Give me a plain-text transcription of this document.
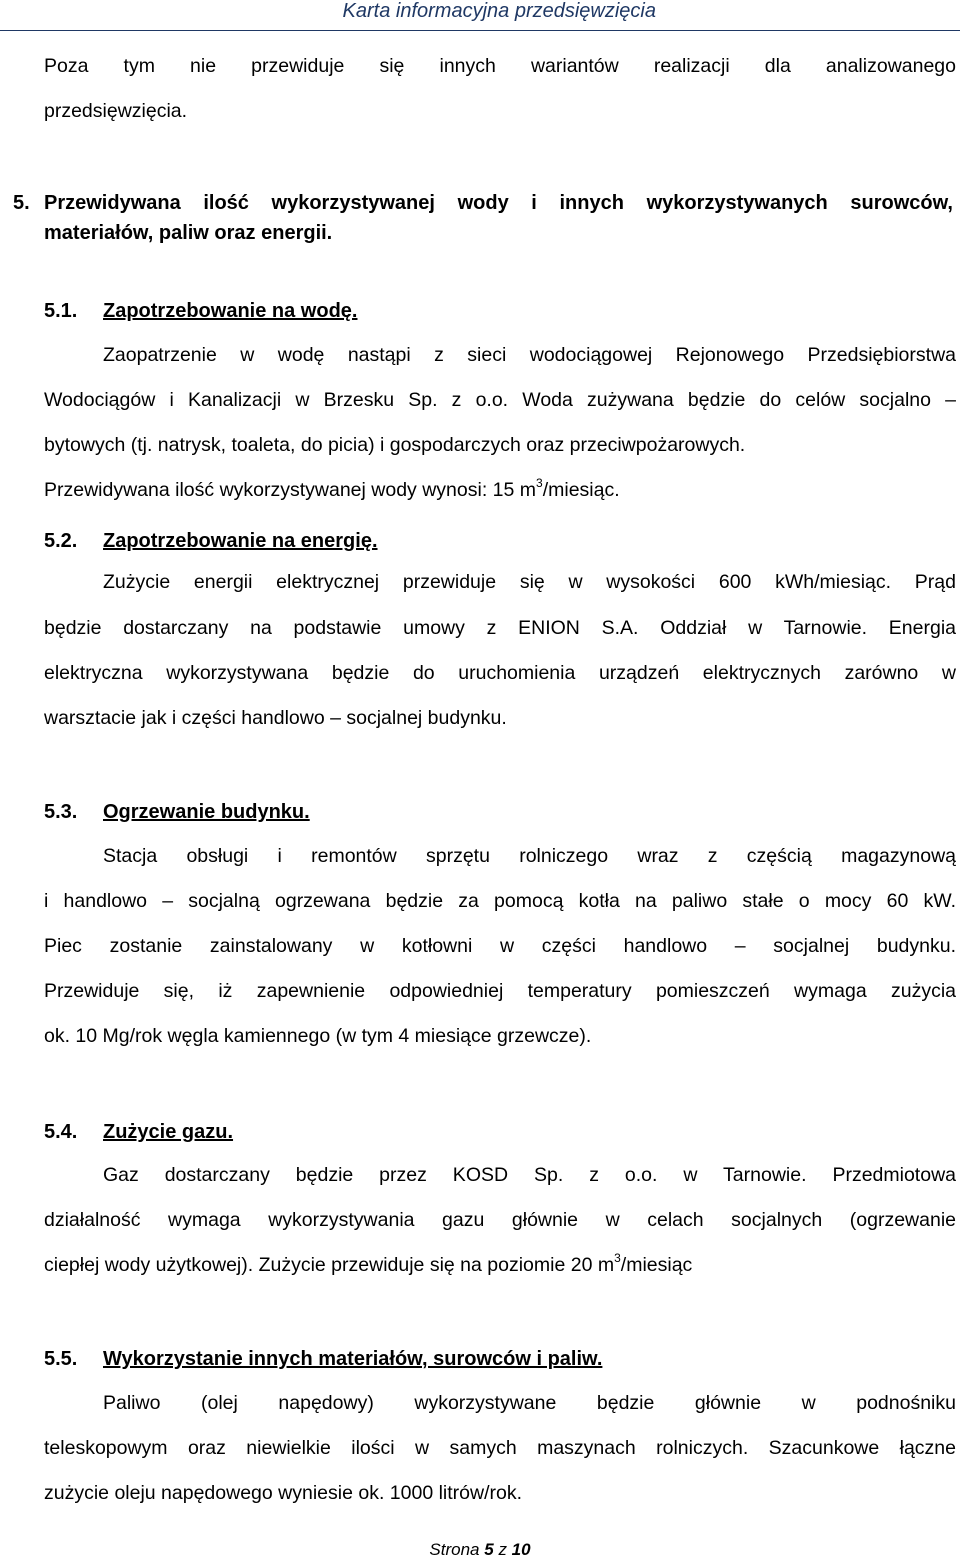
Karta informacyjna przedsięwzięcia
Poza tym nie przewiduje się innych wariantów realizacji dla analizowanego
przedsięwzięcia.
5. Przewidywana ilość wykorzystywanej wody i innych wykorzystywanych surowców,
materiałów, paliw oraz energii.
5.1. Zapotrzebowanie na wodę.
Zaopatrzenie w wodę nastąpi z sieci wodociągowej Rejonowego Przedsiębiorstwa
Wodociągów i Kanalizacji w Brzesku Sp. z o.o. Woda zużywana będzie do celów socjalno –
bytowych (tj. natrysk, toaleta, do picia) i gospodarczych oraz przeciwpożarowych.
Przewidywana ilość wykorzystywanej wody wynosi: 15 $m^3$/miesiąc.
5.2. Zapotrzebowanie na energię.
Zużycie energii elektrycznej przewiduje się w wysokości 600 kWh/miesiąc. Prąd
będzie dostarczany na podstawie umowy z ENION S.A. Oddział w Tarnowie. Energia
elektryczna wykorzystywana będzie do uruchomienia urządzeń elektrycznych zarówno w
warsztacie jak i części handlowo – socjalnej budynku.
5.3. Ogrzewanie budynku.
Stacja obsługi i remontów sprzętu rolniczego wraz z częścią magazynową
i handlowo – socjalną ogrzewana będzie za pomocą kotła na paliwo stałe o mocy 60 kW.
Piec zostanie zainstalowany w kotłowni w części handlowo – socjalnej budynku.
Przewiduje się, iż zapewnienie odpowiedniej temperatury pomieszczeń wymaga zużycia
ok. 10 Mg/rok węgla kamiennego (w tym 4 miesiące grzewcze).
5.4. Zużycie gazu.
Gaz dostarczany będzie przez KOSD Sp. z o.o. w Tarnowie. Przedmiotowa
działalność wymaga wykorzystywania gazu głównie w celach socjalnych (ogrzewanie
ciepłej wody użytkowej). Zużycie przewiduje się na poziomie 20 $m^3$/miesiąc
5.5. Wykorzystanie innych materiałów, surowców i paliw.
Paliwo (olej napędowy) wykorzystywane będzie głównie w podnośniku
teleskopowym oraz niewielkie ilości w samych maszynach rolniczych. Szacunkowe łączne
zużycie oleju napędowego wyniesie ok. 1000 litrów/rok.
Strona 5 z 10
